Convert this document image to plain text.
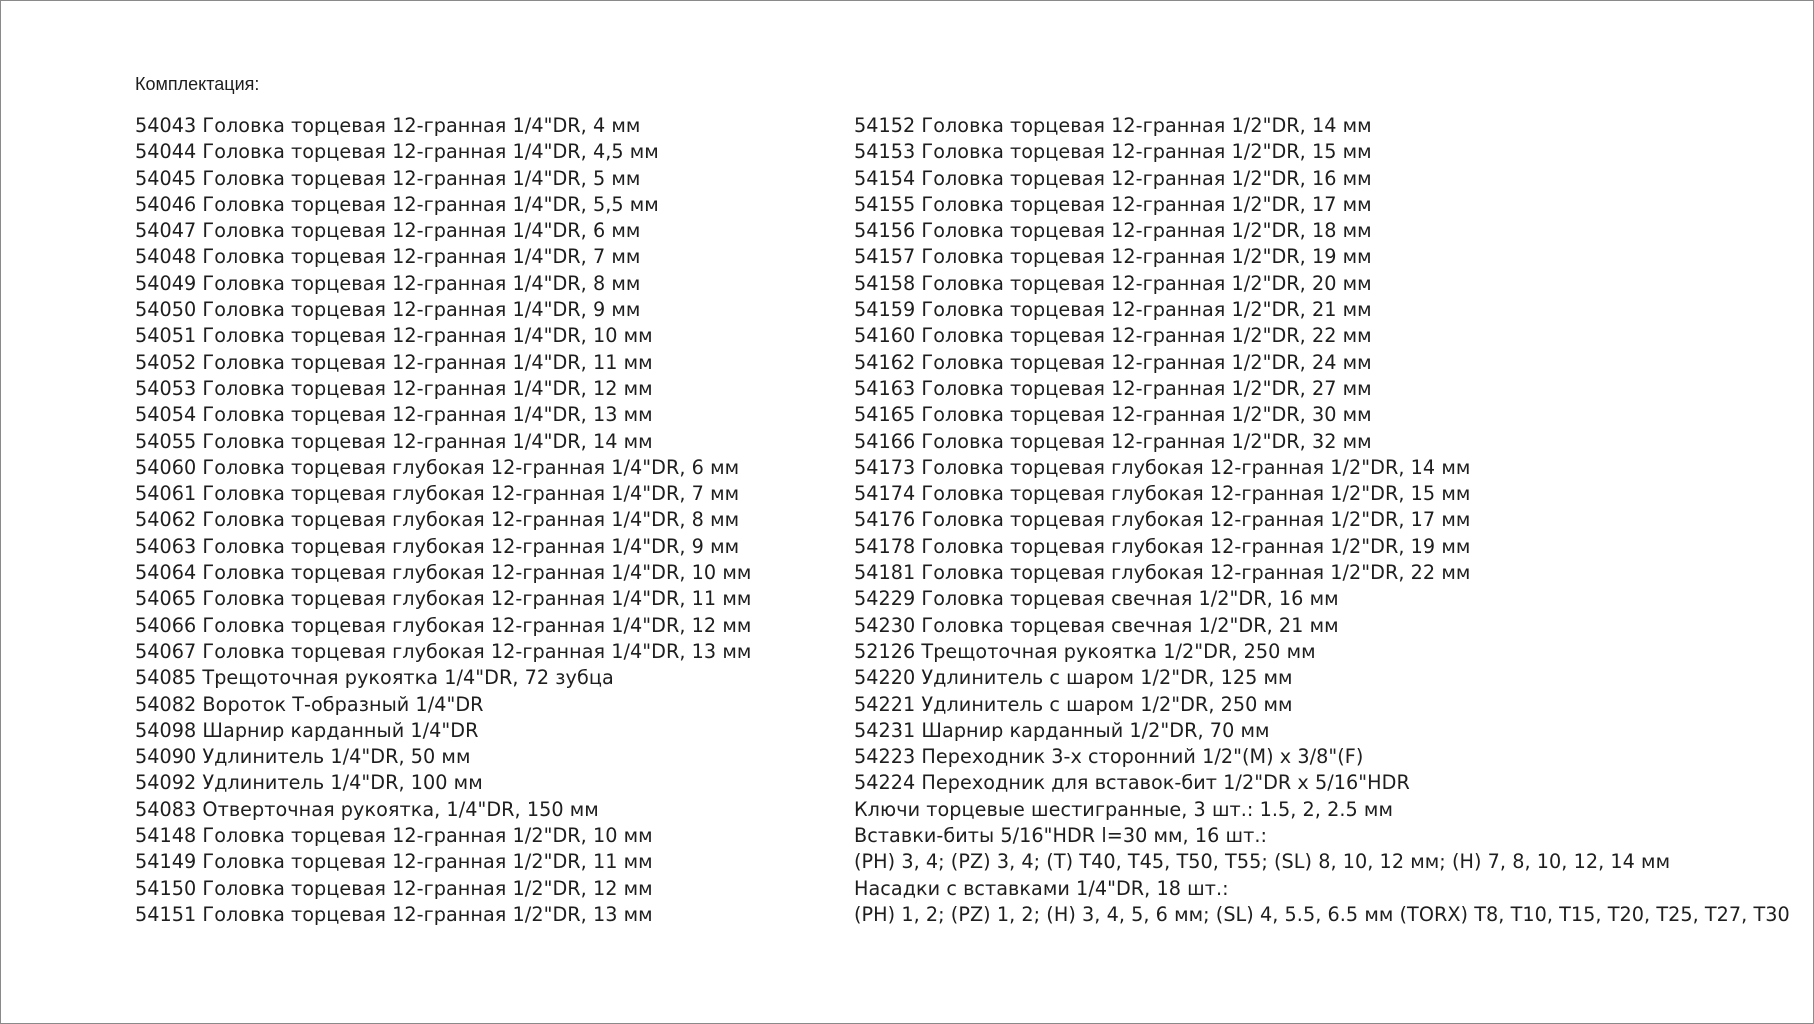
Комплектация:
54043 Головка торцевая 12-гранная 1/4"DR, 4 мм
54044 Головка торцевая 12-гранная 1/4"DR, 4,5 мм
54045 Головка торцевая 12-гранная 1/4"DR, 5 мм
54046 Головка торцевая 12-гранная 1/4"DR, 5,5 мм
54047 Головка торцевая 12-гранная 1/4"DR, 6 мм
54048 Головка торцевая 12-гранная 1/4"DR, 7 мм
54049 Головка торцевая 12-гранная 1/4"DR, 8 мм
54050 Головка торцевая 12-гранная 1/4"DR, 9 мм
54051 Головка торцевая 12-гранная 1/4"DR, 10 мм
54052 Головка торцевая 12-гранная 1/4"DR, 11 мм
54053 Головка торцевая 12-гранная 1/4"DR, 12 мм
54054 Головка торцевая 12-гранная 1/4"DR, 13 мм
54055 Головка торцевая 12-гранная 1/4"DR, 14 мм
54060 Головка торцевая глубокая 12-гранная 1/4"DR, 6 мм
54061 Головка торцевая глубокая 12-гранная 1/4"DR, 7 мм
54062 Головка торцевая глубокая 12-гранная 1/4"DR, 8 мм
54063 Головка торцевая глубокая 12-гранная 1/4"DR, 9 мм
54064 Головка торцевая глубокая 12-гранная 1/4"DR, 10 мм
54065 Головка торцевая глубокая 12-гранная 1/4"DR, 11 мм
54066 Головка торцевая глубокая 12-гранная 1/4"DR, 12 мм
54067 Головка торцевая глубокая 12-гранная 1/4"DR, 13 мм
54085 Трещоточная рукоятка 1/4"DR, 72 зубца
54082 Вороток Т-образный 1/4"DR
54098 Шарнир карданный 1/4"DR
54090 Удлинитель 1/4"DR, 50 мм
54092 Удлинитель 1/4"DR, 100 мм
54083 Отверточная рукоятка, 1/4"DR, 150 мм
54148 Головка торцевая 12-гранная 1/2"DR, 10 мм
54149 Головка торцевая 12-гранная 1/2"DR, 11 мм
54150 Головка торцевая 12-гранная 1/2"DR, 12 мм
54151 Головка торцевая 12-гранная 1/2"DR, 13 мм
54152 Головка торцевая 12-гранная 1/2"DR, 14 мм
54153 Головка торцевая 12-гранная 1/2"DR, 15 мм
54154 Головка торцевая 12-гранная 1/2"DR, 16 мм
54155 Головка торцевая 12-гранная 1/2"DR, 17 мм
54156 Головка торцевая 12-гранная 1/2"DR, 18 мм
54157 Головка торцевая 12-гранная 1/2"DR, 19 мм
54158 Головка торцевая 12-гранная 1/2"DR, 20 мм
54159 Головка торцевая 12-гранная 1/2"DR, 21 мм
54160 Головка торцевая 12-гранная 1/2"DR, 22 мм
54162 Головка торцевая 12-гранная 1/2"DR, 24 мм
54163 Головка торцевая 12-гранная 1/2"DR, 27 мм
54165 Головка торцевая 12-гранная 1/2"DR, 30 мм
54166 Головка торцевая 12-гранная 1/2"DR, 32 мм
54173 Головка торцевая глубокая 12-гранная 1/2"DR, 14 мм
54174 Головка торцевая глубокая 12-гранная 1/2"DR, 15 мм
54176 Головка торцевая глубокая 12-гранная 1/2"DR, 17 мм
54178 Головка торцевая глубокая 12-гранная 1/2"DR, 19 мм
54181 Головка торцевая глубокая 12-гранная 1/2"DR, 22 мм
54229 Головка торцевая свечная 1/2"DR, 16 мм
54230 Головка торцевая свечная 1/2"DR, 21 мм
52126 Трещоточная рукоятка 1/2"DR, 250 мм
54220 Удлинитель с шаром 1/2"DR, 125 мм
54221 Удлинитель с шаром 1/2"DR, 250 мм
54231 Шарнир карданный 1/2"DR, 70 мм
54223 Переходник 3-х сторонний 1/2"(M) x 3/8"(F)
54224 Переходник для вставок-бит 1/2"DR x 5/16"HDR
Ключи торцевые шестигранные, 3 шт.: 1.5, 2, 2.5 мм
Вставки-биты 5/16"HDR l=30 мм, 16 шт.:
(PH) 3, 4; (PZ) 3, 4; (T) T40, T45, T50, T55; (SL) 8, 10, 12 мм; (H) 7, 8, 10, 12, 14 мм
Насадки с вставками 1/4"DR, 18 шт.:
(PH) 1, 2; (PZ) 1, 2; (H) 3, 4, 5, 6 мм; (SL) 4, 5.5, 6.5 мм (TORX) T8, T10, T15, T20, T25, T27, T30
